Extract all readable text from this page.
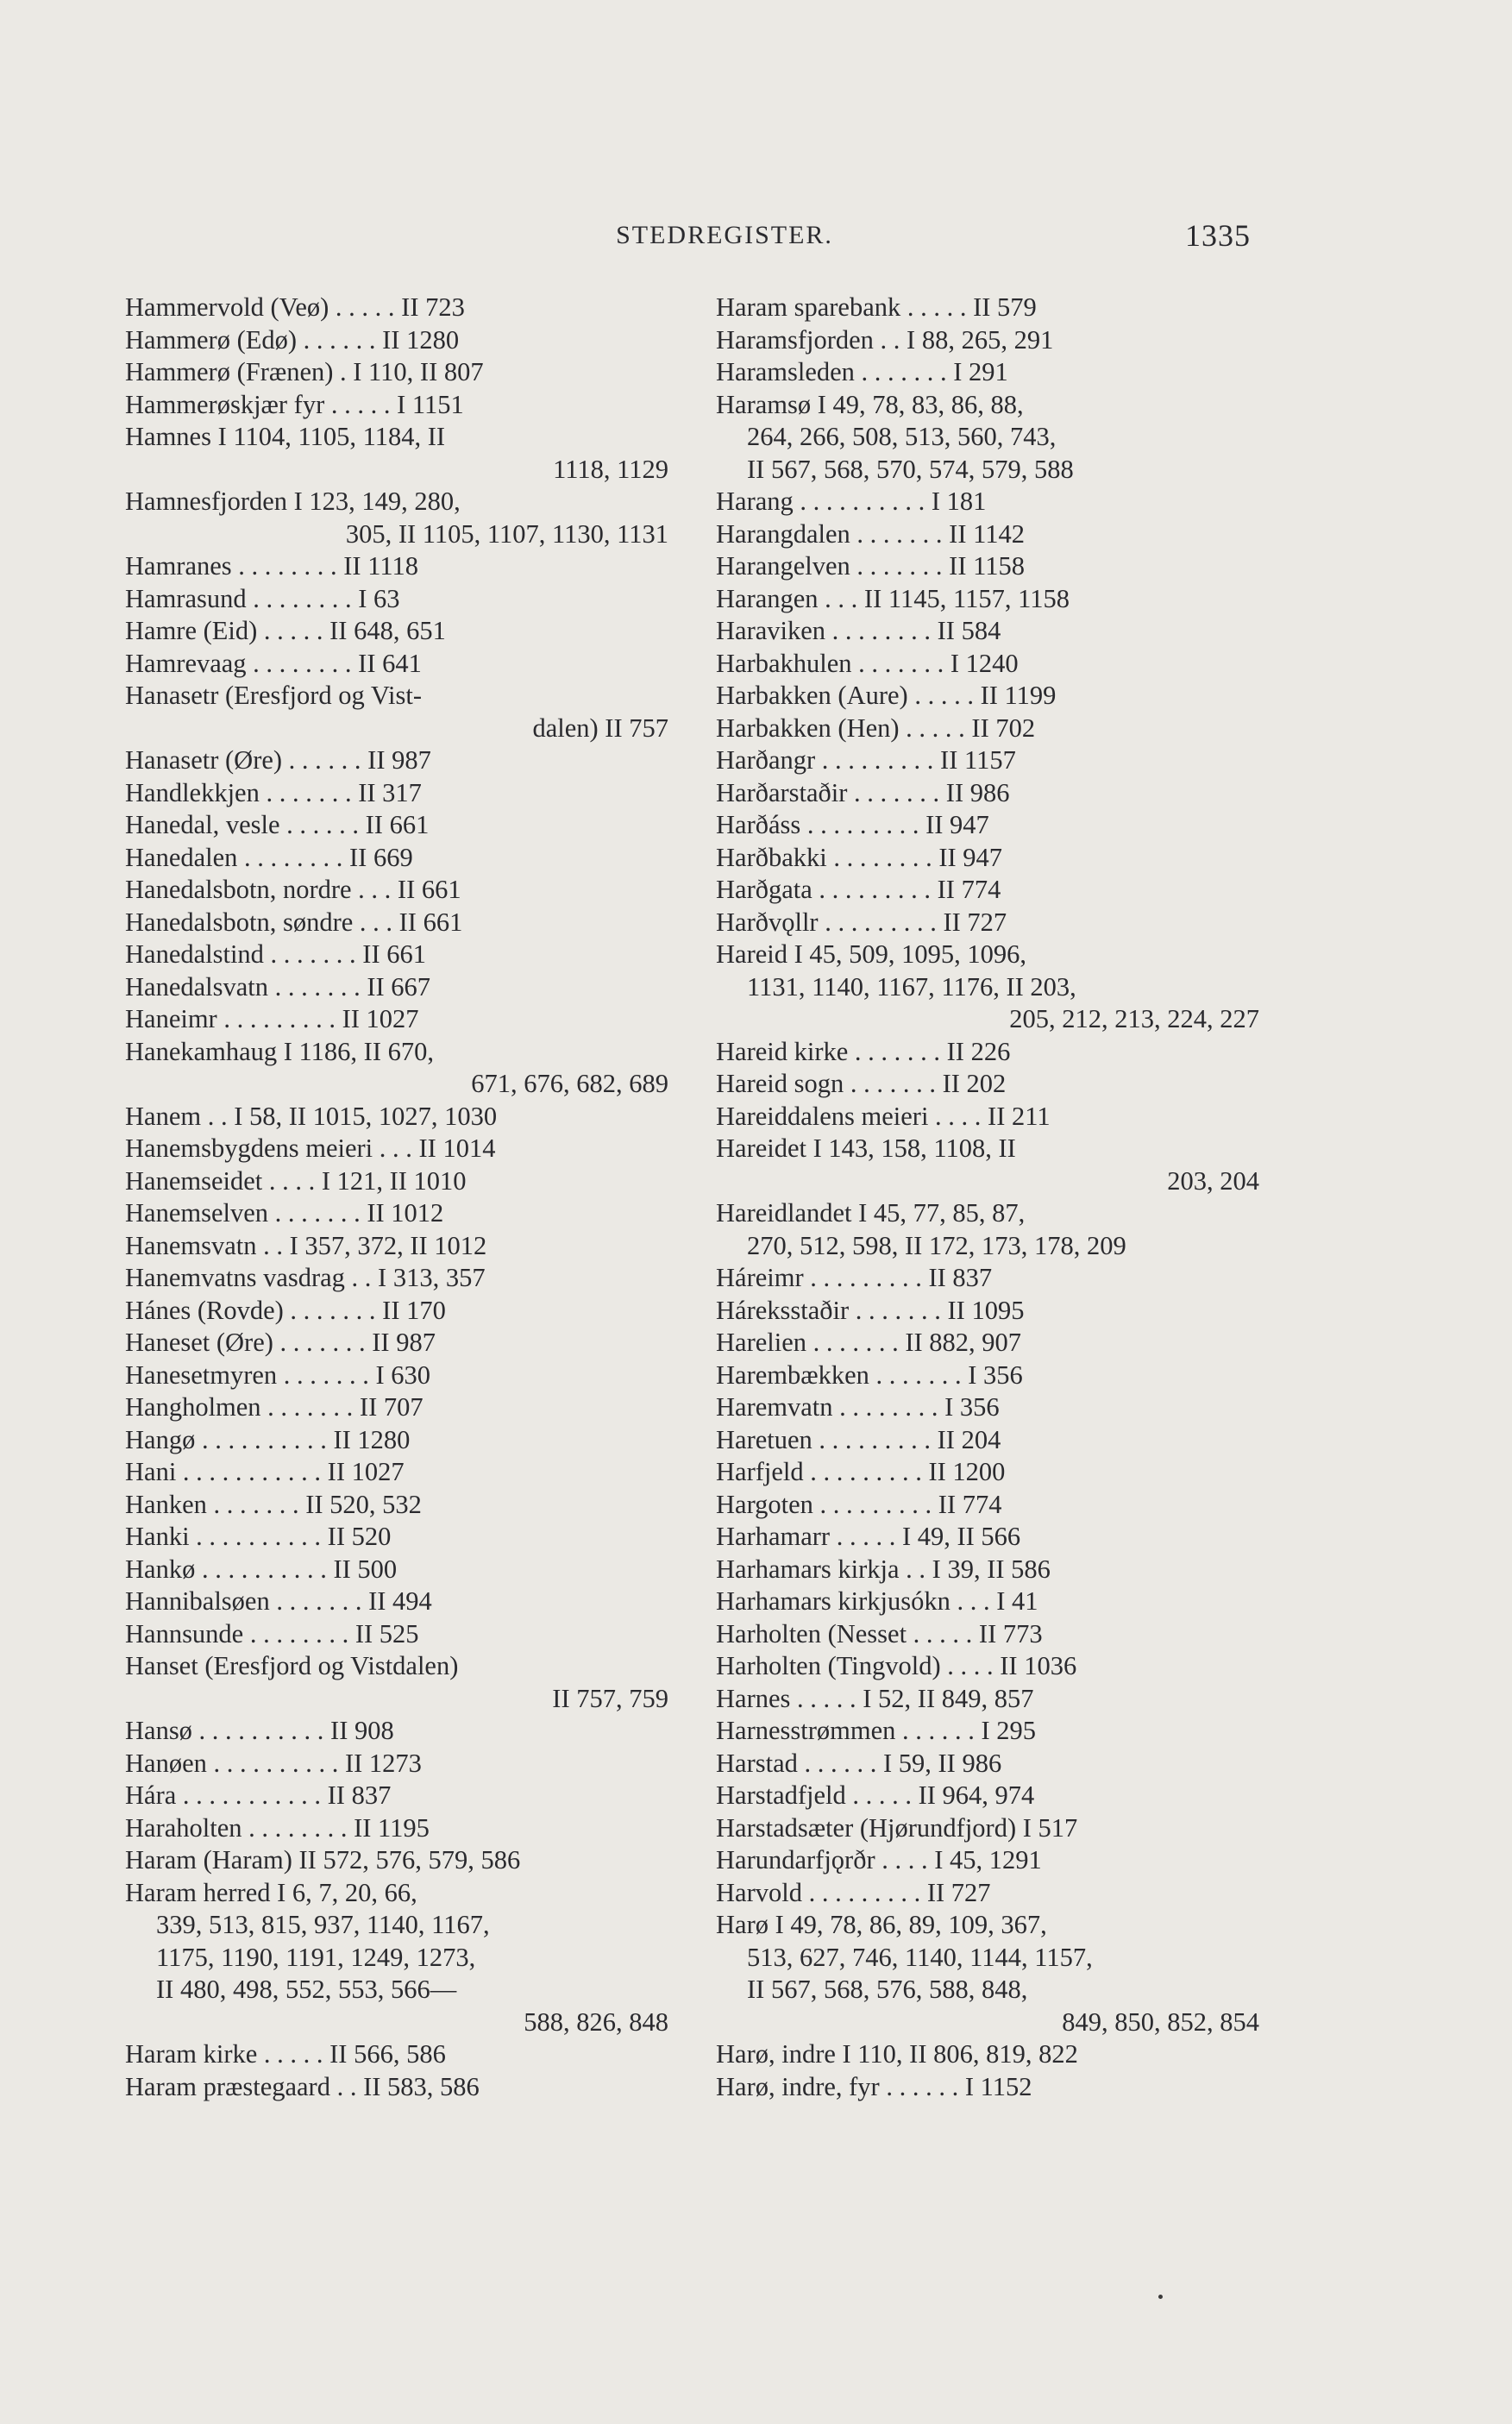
STEDREGISTER.	1335
Hammervold (Veø) . . . . . II 723
Hammerø (Edø) . . . . . . II 1280
Hammerø (Frænen) . I 110, II 807
Hammerøskjær fyr . . . . . I 1151
Hamnes I 1104, 1105, 1184, II
1118, 1129
Hamnesfjorden I 123, 149, 280,
305, II 1105, 1107, 1130, 1131
Hamranes . . . . . . . . II 1118
Hamrasund . . . . . . . . I 63
Hamre (Eid) . . . . . II 648, 651
Hamrevaag . . . . . . . . II 641
Hanasetr (Eresfjord og Vist-
dalen) II 757
Hanasetr (Øre) . . . . . . II 987
Handlekkjen . . . . . . . II 317
Hanedal, vesle . . . . . . II 661
Hanedalen . . . . . . . . II 669
Hanedalsbotn, nordre . . . II 661
Hanedalsbotn, søndre . . . II 661
Hanedalstind . . . . . . . II 661
Hanedalsvatn . . . . . . . II 667
Haneimr . . . . . . . . . II 1027
Hanekamhaug I 1186, II 670,
671, 676, 682, 689
Hanem . . I 58, II 1015, 1027, 1030
Hanemsbygdens meieri . . . II 1014
Hanemseidet . . . . I 121, II 1010
Hanemselven . . . . . . . II 1012
Hanemsvatn . . I 357, 372, II 1012
Hanemvatns vasdrag . . I 313, 357
Hánes (Rovde) . . . . . . . II 170
Haneset (Øre) . . . . . . . II 987
Hanesetmyren . . . . . . . I 630
Hangholmen . . . . . . . II 707
Hangø . . . . . . . . . . II 1280
Hani . . . . . . . . . . . II 1027
Hanken . . . . . . . II 520, 532
Hanki . . . . . . . . . . II 520
Hankø . . . . . . . . . . II 500
Hannibalsøen . . . . . . . II 494
Hannsunde . . . . . . . . II 525
Hanset (Eresfjord og Vistdalen)
II 757, 759
Hansø . . . . . . . . . . II 908
Hanøen . . . . . . . . . . II 1273
Hára . . . . . . . . . . . II 837
Haraholten . . . . . . . . II 1195
Haram (Haram) II 572, 576, 579, 586
Haram herred I 6, 7, 20, 66,
339, 513, 815, 937, 1140, 1167,
1175, 1190, 1191, 1249, 1273,
II 480, 498, 552, 553, 566—
588, 826, 848
Haram kirke . . . . . II 566, 586
Haram præstegaard . . II 583, 586
Haram sparebank . . . . . II 579
Haramsfjorden . . I 88, 265, 291
Haramsleden . . . . . . . I 291
Haramsø I 49, 78, 83, 86, 88,
264, 266, 508, 513, 560, 743,
II 567, 568, 570, 574, 579, 588
Harang . . . . . . . . . . I 181
Harangdalen . . . . . . . II 1142
Harangelven . . . . . . . II 1158
Harangen . . . II 1145, 1157, 1158
Haraviken . . . . . . . . II 584
Harbakhulen . . . . . . . I 1240
Harbakken (Aure) . . . . . II 1199
Harbakken (Hen) . . . . . II 702
Harðangr . . . . . . . . . II 1157
Harðarstaðir . . . . . . . II 986
Harðáss . . . . . . . . . II 947
Harðbakki . . . . . . . . II 947
Harðgata . . . . . . . . . II 774
Harðvǫllr . . . . . . . . . II 727
Hareid I 45, 509, 1095, 1096,
1131, 1140, 1167, 1176, II 203,
205, 212, 213, 224, 227
Hareid kirke . . . . . . . II 226
Hareid sogn . . . . . . . II 202
Hareiddalens meieri . . . . II 211
Hareidet I 143, 158, 1108, II
203, 204
Hareidlandet I 45, 77, 85, 87,
270, 512, 598, II 172, 173, 178, 209
Háreimr . . . . . . . . . II 837
Háreksstaðir . . . . . . . II 1095
Harelien . . . . . . . II 882, 907
Harembækken . . . . . . . I 356
Haremvatn . . . . . . . . I 356
Haretuen . . . . . . . . . II 204
Harfjeld . . . . . . . . . II 1200
Hargoten . . . . . . . . . II 774
Harhamarr . . . . . I 49, II 566
Harhamars kirkja . . I 39, II 586
Harhamars kirkjusókn . . . I 41
Harholten (Nesset . . . . . II 773
Harholten (Tingvold) . . . . II 1036
Harnes . . . . . I 52, II 849, 857
Harnesstrømmen . . . . . . I 295
Harstad . . . . . . I 59, II 986
Harstadfjeld . . . . . II 964, 974
Harstadsæter (Hjørundfjord) I 517
Harundarfjǫrðr . . . . I 45, 1291
Harvold . . . . . . . . . II 727
Harø I 49, 78, 86, 89, 109, 367,
513, 627, 746, 1140, 1144, 1157,
II 567, 568, 576, 588, 848,
849, 850, 852, 854
Harø, indre I 110, II 806, 819, 822
Harø, indre, fyr . . . . . . I 1152
